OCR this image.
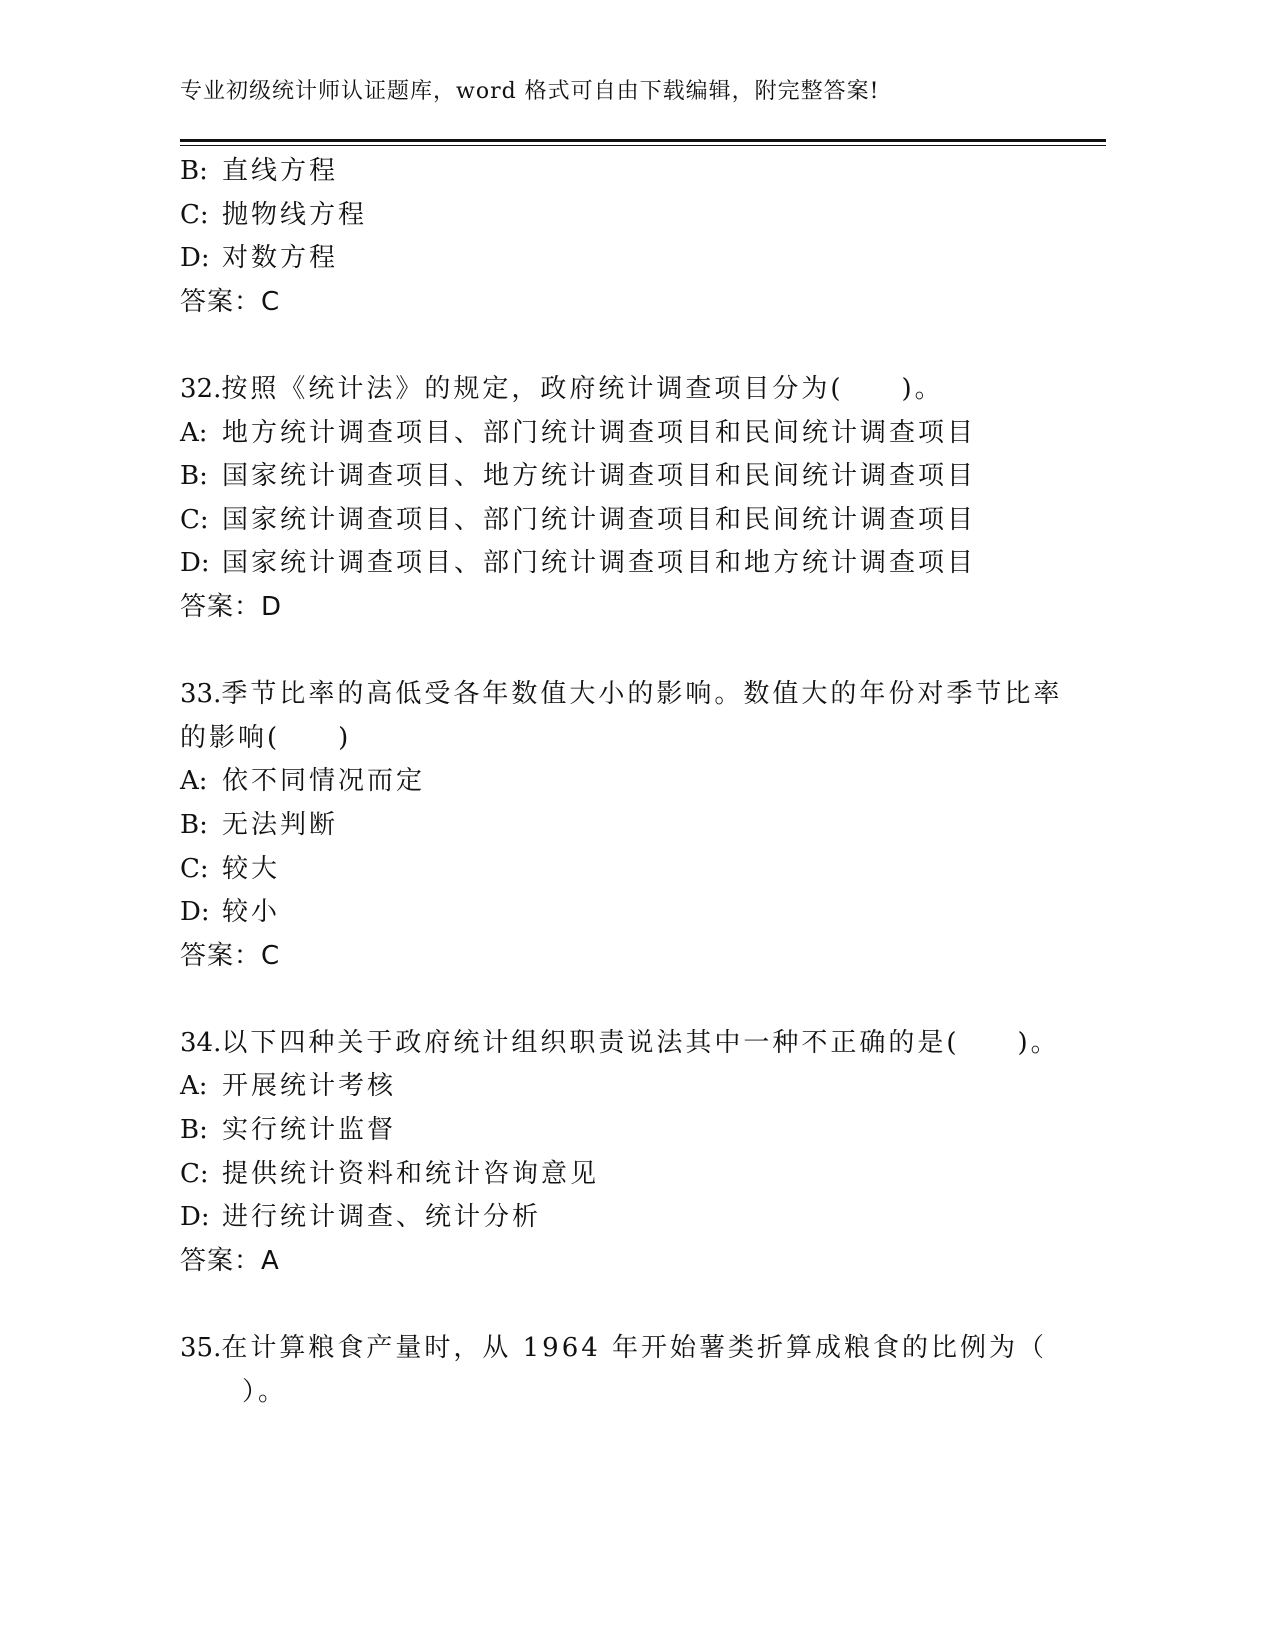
专业初级统计师认证题库，word 格式可自由下载编辑，附完整答案!
B: 直线方程
C: 抛物线方程
D: 对数方程
答案：C
32.按照《统计法》的规定，政府统计调查项目分为(　　)。
A: 地方统计调查项目、部门统计调查项目和民间统计调查项目
B: 国家统计调查项目、地方统计调查项目和民间统计调查项目
C: 国家统计调查项目、部门统计调查项目和民间统计调查项目
D: 国家统计调查项目、部门统计调查项目和地方统计调查项目
答案：D
33.季节比率的高低受各年数值大小的影响。数值大的年份对季节比率
的影响(　　)
A: 依不同情况而定
B: 无法判断
C: 较大
D: 较小
答案：C
34.以下四种关于政府统计组织职责说法其中一种不正确的是(　　)。
A: 开展统计考核
B: 实行统计监督
C: 提供统计资料和统计咨询意见
D: 进行统计调查、统计分析
答案：A
35.在计算粮食产量时，从 1964 年开始薯类折算成粮食的比例为（
）。
